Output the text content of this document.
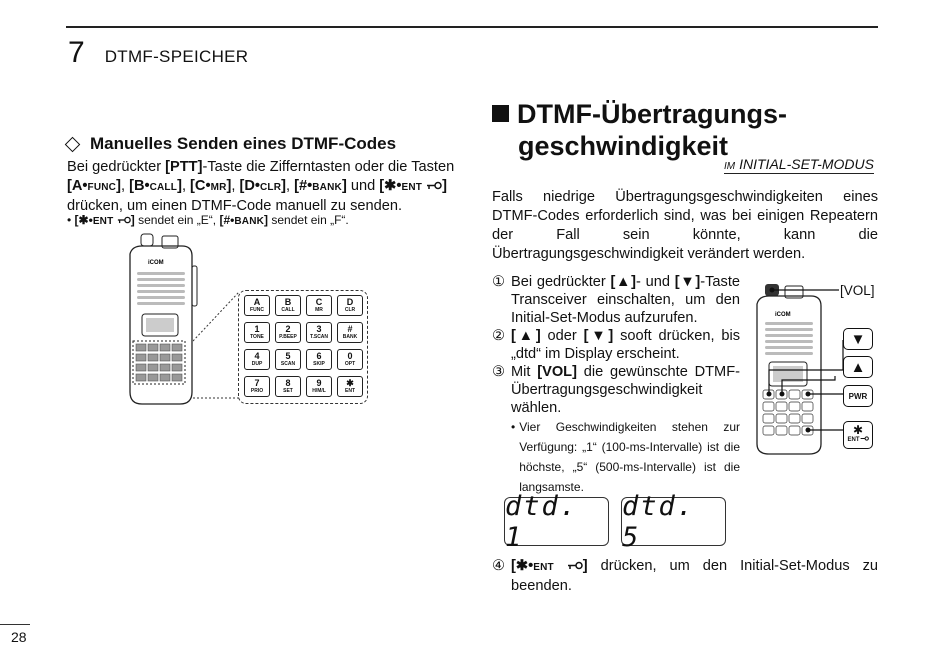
7 DTMF-SPEICHER
Manuelles Senden eines DTMF-Codes
Bei gedrückter [PTT]-Taste die Zifferntasten oder die Tasten [A•FUNC], [B•CALL], [C•MR], [D•CLR], [#•BANK] und [✱•ENT ] drücken, um einen DTMF-Code manuell zu senden.
• [✱•ENT ] sendet ein „E“, [#•BANK] sendet ein „F“.
iCOM
A
FUNC
B
CALL
C
MR
D
CLR
1
TONE
2
P.BEEP
3
T.SCAN
#
BANK
4
DUP
5
SCAN
6
SKIP
0
OPT
7
PRIO
8
SET
9
H/M/L
✱
ENT
DTMF-Übertragungs-
geschwindigkeit
IM INITIAL-SET-MODUS
Falls niedrige Übertragungsgeschwindigkeiten eines DTMF-Codes erforderlich sind, was bei einigen Repeatern der Fall sein könnte, kann die Übertragungsgeschwindigkeit verändert werden.
① Bei gedrückter [▲]- und [▼]-Taste Transceiver einschalten, um den Initial-Set-Modus aufzurufen.
② [▲] oder [▼] sooft drücken, bis „dtd“ im Display erscheint.
③ Mit [VOL] die gewünschte DTMF-Übertragungsgeschwindigkeit wählen.
• Vier Geschwindigkeiten stehen zur Verfügung: „1“ (100-ms-Intervalle) ist die höchste, „5“ (500-ms-Intervalle) ist die langsamste.
dtd. 1
dtd. 5
④ [✱•ENT ] drücken, um den Initial-Set-Modus zu beenden.
iCOM
[VOL]
▼
▲
PWR
✱
ENT
28
